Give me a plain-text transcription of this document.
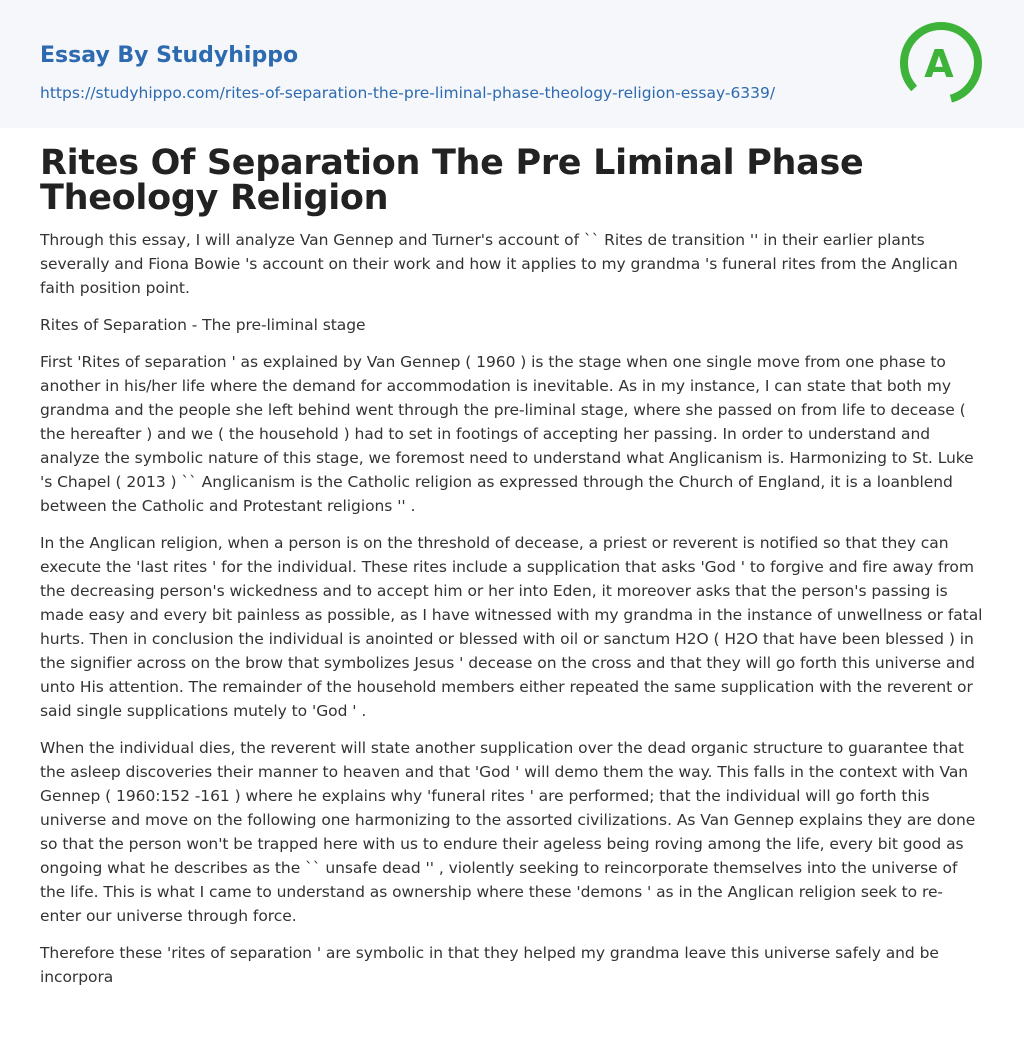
Essay By Studyhippo
https://studyhippo.com/rites-of-separation-the-pre-liminal-phase-theology-religion-essay-6339/
A
Rites Of Separation The Pre Liminal Phase Theology Religion

Through this essay, I will analyze Van Gennep and Turner's account of `` Rites de transition '' in their earlier plants severally and Fiona Bowie 's account on their work and how it applies to my grandma 's funeral rites from the Anglican faith position point.

Rites of Separation - The pre-liminal stage

First 'Rites of separation ' as explained by Van Gennep ( 1960 ) is the stage when one single move from one phase to another in his/her life where the demand for accommodation is inevitable. As in my instance, I can state that both my grandma and the people she left behind went through the pre-liminal stage, where she passed on from life to decease ( the hereafter ) and we ( the household ) had to set in footings of accepting her passing. In order to understand and analyze the symbolic nature of this stage, we foremost need to understand what Anglicanism is. Harmonizing to St. Luke 's Chapel ( 2013 ) `` Anglicanism is the Catholic religion as expressed through the Church of England, it is a loanblend between the Catholic and Protestant religions '' .

In the Anglican religion, when a person is on the threshold of decease, a priest or reverent is notified so that they can execute the 'last rites ' for the individual. These rites include a supplication that asks 'God ' to forgive and fire away from the decreasing person's wickedness and to accept him or her into Eden, it moreover asks that the person's passing is made easy and every bit painless as possible, as I have witnessed with my grandma in the instance of unwellness or fatal hurts. Then in conclusion the individual is anointed or blessed with oil or sanctum H2O ( H2O that have been blessed ) in the signifier across on the brow that symbolizes Jesus ' decease on the cross and that they will go forth this universe and unto His attention. The remainder of the household members either repeated the same supplication with the reverent or said single supplications mutely to 'God ' .

When the individual dies, the reverent will state another supplication over the dead organic structure to guarantee that the asleep discoveries their manner to heaven and that 'God ' will demo them the way. This falls in the context with Van Gennep ( 1960:152 -161 ) where he explains why 'funeral rites ' are performed; that the individual will go forth this universe and move on the following one harmonizing to the assorted civilizations. As Van Gennep explains they are done so that the person won't be trapped here with us to endure their ageless being roving among the life, every bit good as ongoing what he describes as the `` unsafe dead '' , violently seeking to reincorporate themselves into the universe of the life. This is what I came to understand as ownership where these 'demons ' as in the Anglican religion seek to re-enter our universe through force.

Therefore these 'rites of separation ' are symbolic in that they helped my grandma leave this universe safely and be incorpora
